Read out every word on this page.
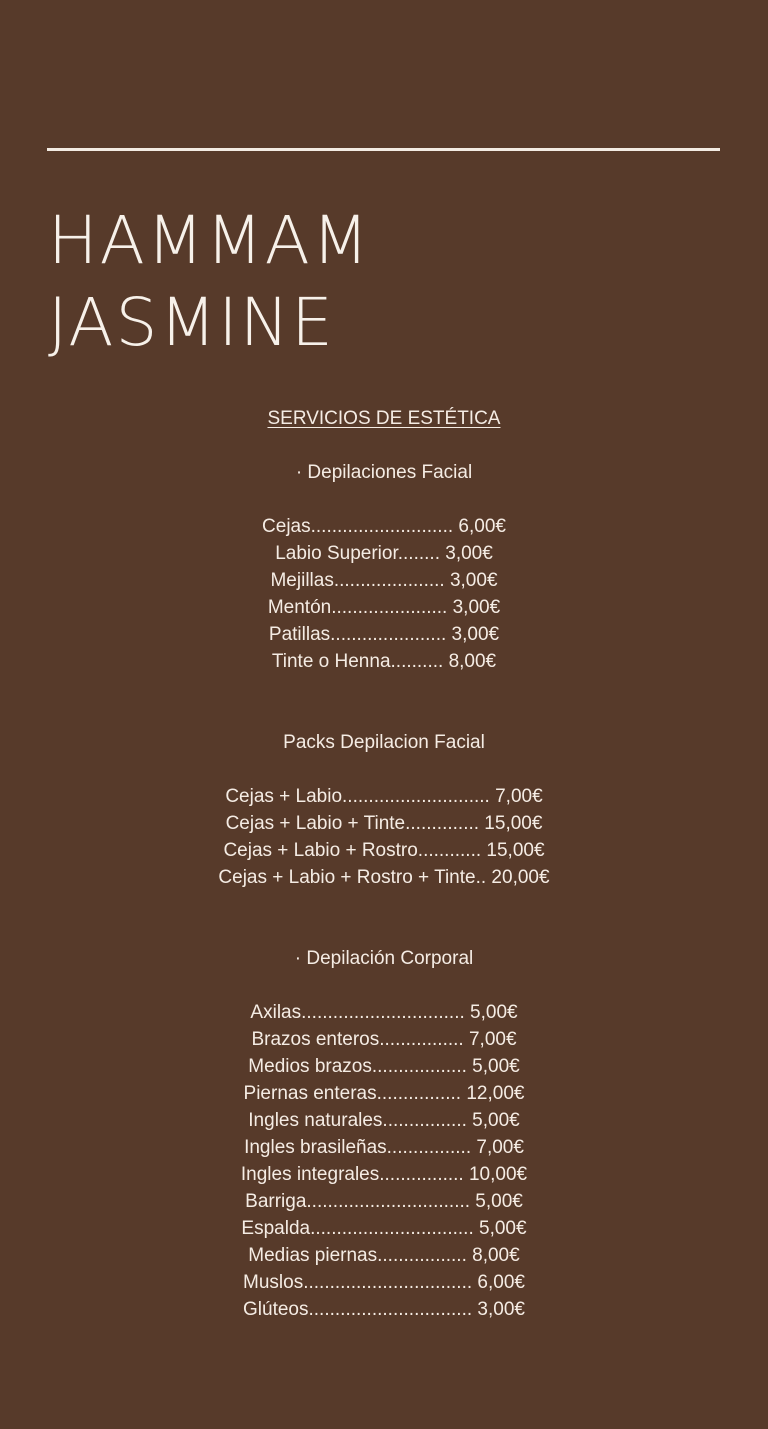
HAMMAM
JASMINE
SERVICIOS DE ESTÉTICA
· Depilaciones Facial
Cejas........................... 6,00€
Labio Superior........ 3,00€
Mejillas..................... 3,00€
Mentón...................... 3,00€
Patillas...................... 3,00€
Tinte o Henna.......... 8,00€
Packs Depilacion Facial
Cejas + Labio............................ 7,00€
Cejas + Labio + Tinte.............. 15,00€
Cejas + Labio + Rostro............ 15,00€
Cejas + Labio + Rostro + Tinte.. 20,00€
· Depilación Corporal
Axilas............................... 5,00€
Brazos enteros................ 7,00€
Medios brazos.................. 5,00€
Piernas enteras................ 12,00€
Ingles naturales................ 5,00€
Ingles brasileñas................ 7,00€
Ingles integrales................ 10,00€
Barriga............................... 5,00€
Espalda............................... 5,00€
Medias piernas................. 8,00€
Muslos................................ 6,00€
Glúteos............................... 3,00€
